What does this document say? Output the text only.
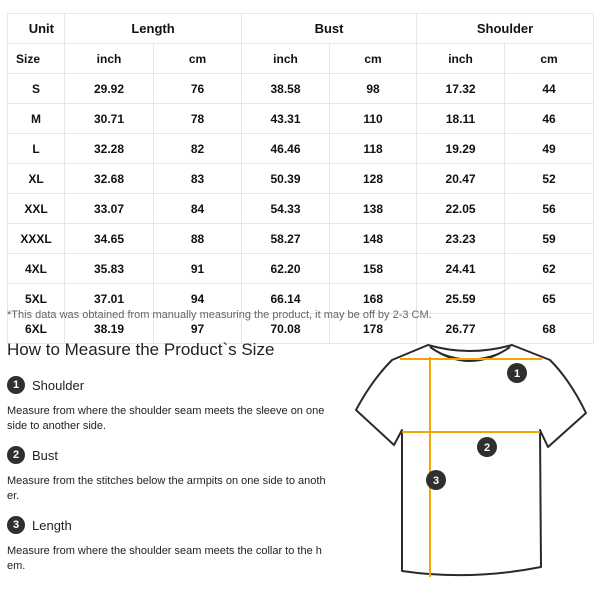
Unit	Length		Bust		Shoulder	
Size	inch	cm	inch	cm	inch	cm
S	29.92	76	38.58	98	17.32	44
M	30.71	78	43.31	110	18.11	46
L	32.28	82	46.46	118	19.29	49
XL	32.68	83	50.39	128	20.47	52
XXL	33.07	84	54.33	138	22.05	56
XXXL	34.65	88	58.27	148	23.23	59
4XL	35.83	91	62.20	158	24.41	62
5XL	37.01	94	66.14	168	25.59	65
6XL	38.19	97	70.08	178	26.77	68
*This data was obtained from manually measuring the product, it may be off by 2-3 CM.
How to Measure the Product`s Size
1 Shoulder
Measure from where the shoulder seam meets the sleeve on one side to another side.
2 Bust
Measure from the stitches below the armpits on one side to another.
3 Length
Measure from where the shoulder seam meets the collar to the hem.
1
2
3
